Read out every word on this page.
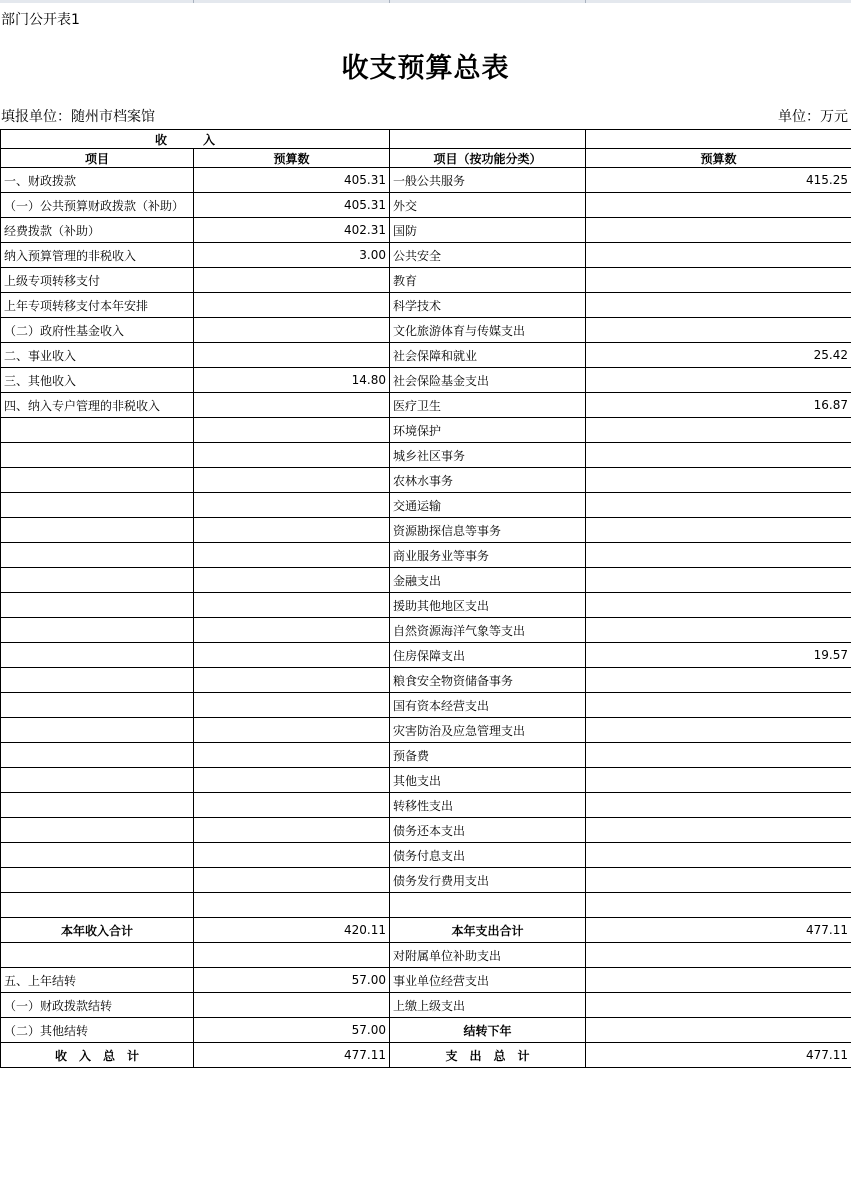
部门公开表1
收支预算总表
填报单位：随州市档案馆	单位：万元
收　　　入			
项目	预算数	项目（按功能分类）	预算数
一、财政拨款	405.31	一般公共服务	415.25
（一）公共预算财政拨款（补助）	405.31	外交	
经费拨款（补助）	402.31	国防	
纳入预算管理的非税收入	3.00	公共安全	
上级专项转移支付		教育	
上年专项转移支付本年安排		科学技术	
（二）政府性基金收入		文化旅游体育与传媒支出	
二、事业收入		社会保障和就业	25.42
三、其他收入	14.80	社会保险基金支出	
四、纳入专户管理的非税收入		医疗卫生	16.87
		环境保护	
		城乡社区事务	
		农林水事务	
		交通运输	
		资源勘探信息等事务	
		商业服务业等事务	
		金融支出	
		援助其他地区支出	
		自然资源海洋气象等支出	
		住房保障支出	19.57
		粮食安全物资储备事务	
		国有资本经营支出	
		灾害防治及应急管理支出	
		预备费	
		其他支出	
		转移性支出	
		债务还本支出	
		债务付息支出	
		债务发行费用支出	

本年收入合计	420.11	本年支出合计	477.11
		对附属单位补助支出	
五、上年结转	57.00	事业单位经营支出	
（一）财政拨款结转		上缴上级支出	
（二）其他结转	57.00	结转下年	
收　入　总　计	477.11	支　出　总　计	477.11
